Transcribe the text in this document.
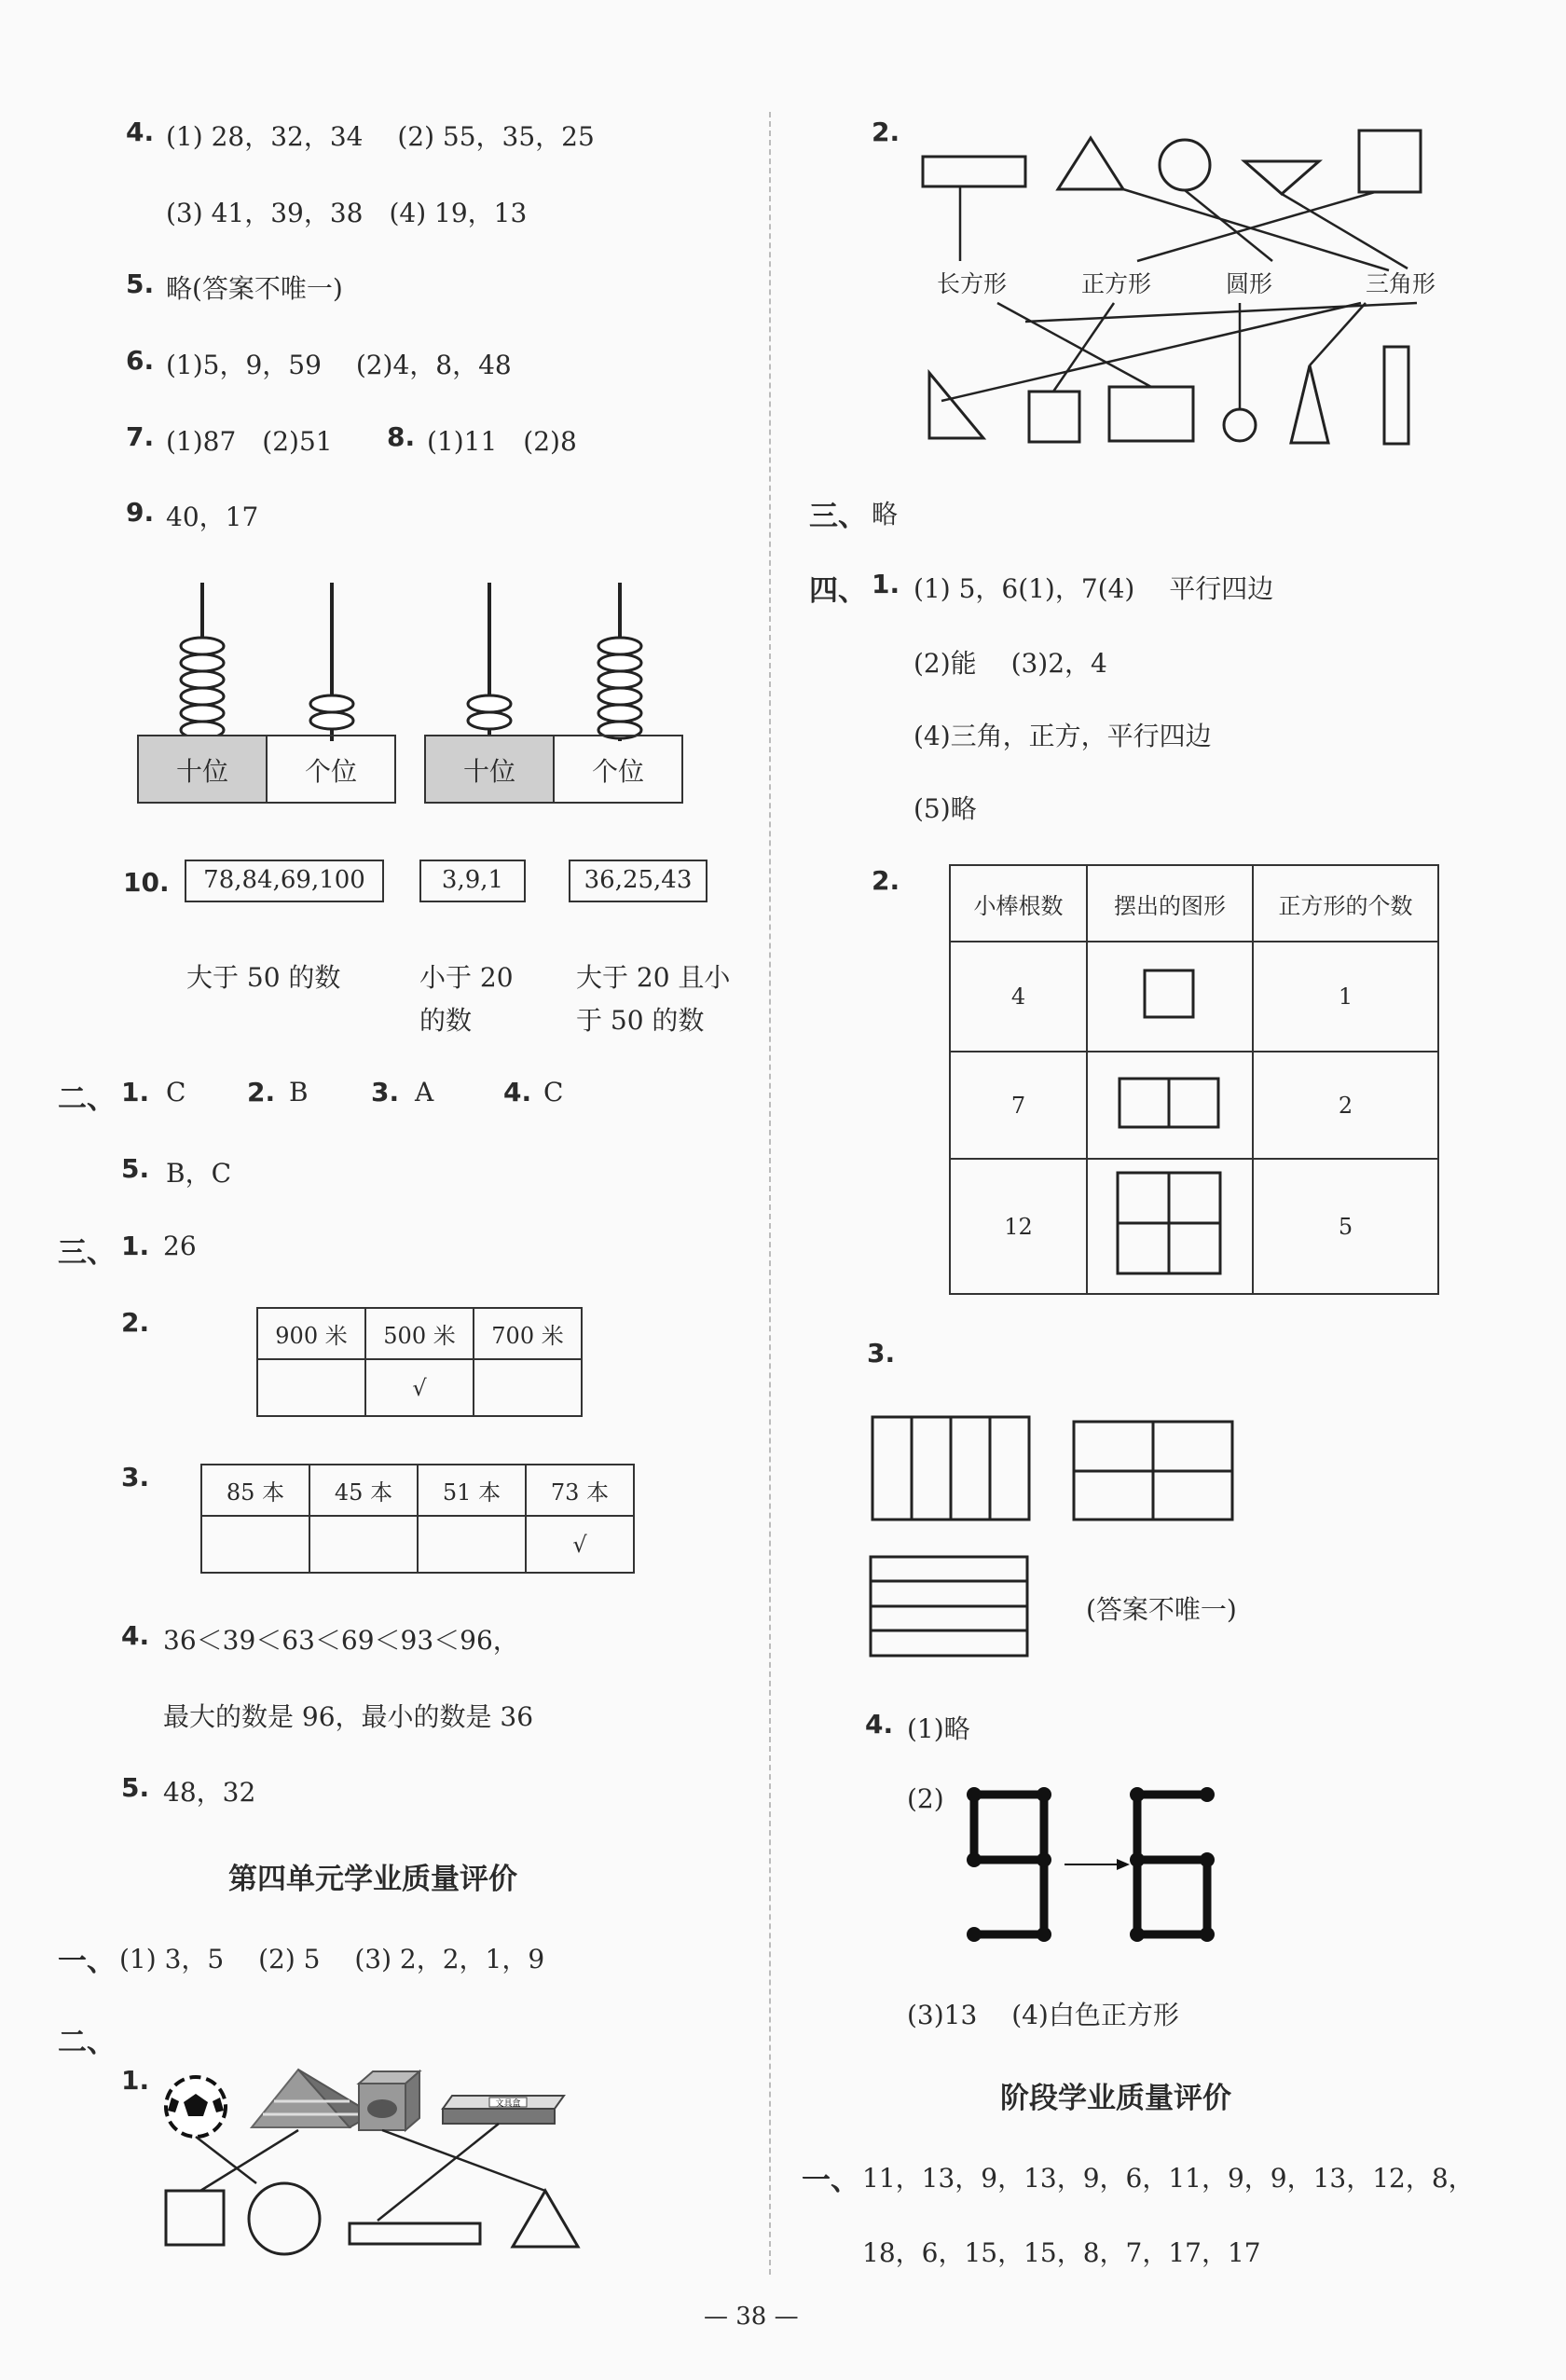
4. (1) 28，32，34　 (2) 55，35，25
(3) 41，39，38　(4) 19，13
5. 略(答案不唯一)
6. (1)5，9，59　 (2)4，8，48
7. (1)87　(2)51 8. (1)11　(2)8
9. 40，17
十位	个位	十位	个位
10.	78,84,69,100	3,9,1	36,25,43
大于 50 的数	小于 20
的数
大于 20 且小
于 50 的数
二、 1. C 2. B 3. A	4. C
5. B，C
三、 1. 26
2.	900 米	500 米	700 米
	√	
3.	85 本	45 本	51 本	73 本
			√
4. 36＜39＜63＜69＜93＜96，
最大的数是 96，最小的数是 36
5. 48，32
第四单元学业质量评价
一、 (1) 3，5　 (2) 5　 (3) 2，2，1，9
二、
1.
文具盒
2.
长方形	正方形	圆形	三角形
三、 略
四、 1. (1) 5，6(1)，7(4)　 平行四边
(2)能　 (3)2，4
(4)三角，正方，平行四边
(5)略
2.
小棒根数	摆出的图形	正方形的个数
4		1
7		2
12		5
3.
(答案不唯一)
4. (1)略
(2)
(3)13　 (4)白色正方形
阶段学业质量评价
一、 11，13，9，13，9，6，11，9，9，13，12，8，
18，6，15，15，8，7，17，17
— 38 —
